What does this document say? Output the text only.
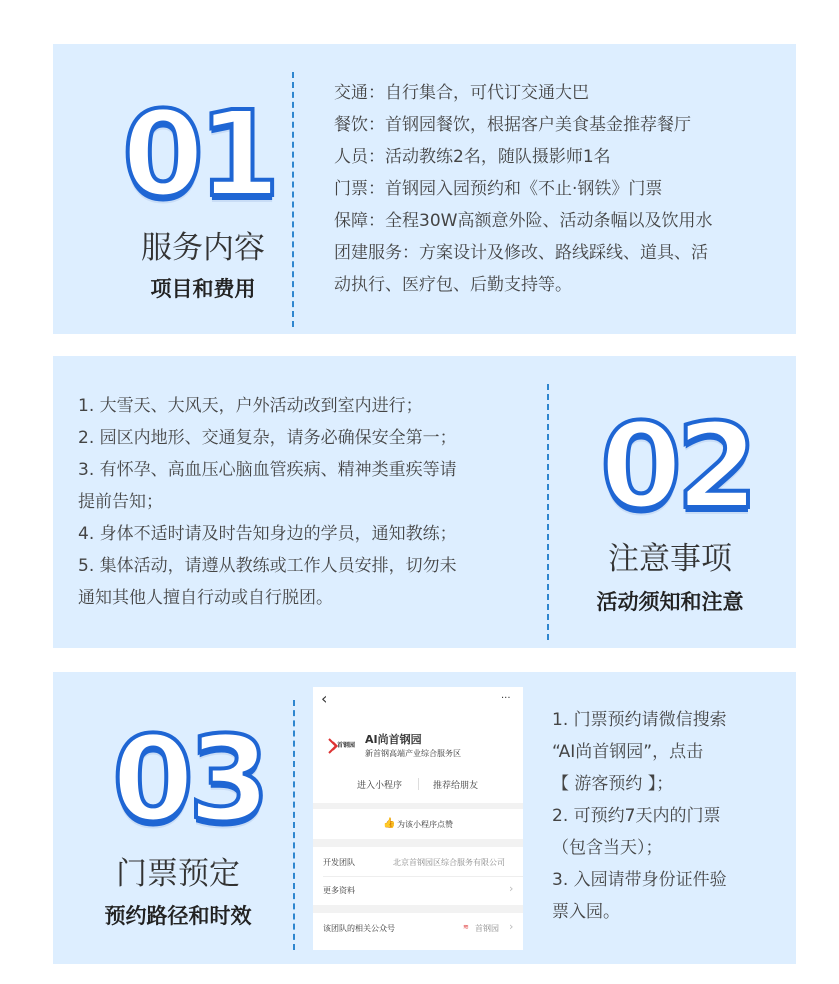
01
服务内容
项目和费用
交通：自行集合，可代订交通大巴
餐饮：首钢园餐饮，根据客户美食基金推荐餐厅
人员：活动教练2名，随队摄影师1名
门票：首钢园入园预约和《不止·钢铁》门票
保障：全程30W高额意外险、活动条幅以及饮用水
团建服务：方案设计及修改、路线踩线、道具、活
动执行、医疗包、后勤支持等。
1. 大雪天、大风天，户外活动改到室内进行；
2. 园区内地形、交通复杂，请务必确保安全第一；
3. 有怀孕、高血压心脑血管疾病、精神类重疾等请
提前告知；
4. 身体不适时请及时告知身边的学员，通知教练；
5. 集体活动，请遵从教练或工作人员安排，切勿未
通知其他人擅自行动或自行脱团。
02
注意事项
活动须知和注意
03
门票预定
预约路径和时效
‹	···
首钢园 AI尚首钢园
新首钢高端产业综合服务区
进入小程序	推荐给朋友
👍 为该小程序点赞
开发团队	北京首钢园区综合服务有限公司
更多资料	›
该团队的相关公众号	≋ 首钢园 ›
1. 门票预约请微信搜索
“AI尚首钢园”，点击
【 游客预约 】；
2. 可预约7天内的门票
（包含当天）；
3. 入园请带身份证件验
票入园。
